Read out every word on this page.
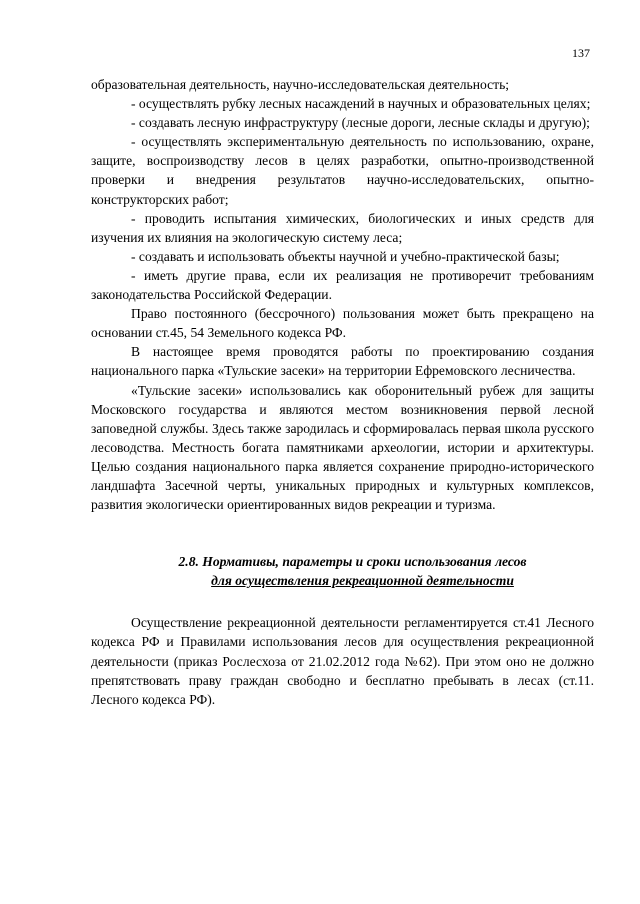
137

образовательная деятельность, научно-исследовательская деятельность;

- осуществлять рубку лесных насаждений в научных и образовательных целях;

- создавать лесную инфраструктуру (лесные дороги, лесные склады и другую);

- осуществлять экспериментальную деятельность по использованию, охране, защите, воспроизводству лесов в целях разработки, опытно-производственной проверки и внедрения результатов научно-исследовательских, опытно-конструкторских работ;

- проводить испытания химических, биологических и иных средств для изучения их влияния на экологическую систему леса;

- создавать и использовать объекты научной и учебно-практической базы;

- иметь другие права, если их реализация не противоречит требованиям законодательства Российской Федерации.

Право постоянного (бессрочного) пользования может быть прекращено на основании ст.45, 54 Земельного кодекса РФ.

В настоящее время проводятся работы по проектированию создания национального парка «Тульские засеки» на территории Ефремовского лесничества.

«Тульские засеки» использовались как оборонительный рубеж для защиты Московского государства и являются местом возникновения первой лесной заповедной службы. Здесь также зародилась и сформировалась первая школа русского лесоводства. Местность богата памятниками археологии, истории и архитектуры. Целью создания национального парка является сохранение природно-исторического ландшафта Засечной черты, уникальных природных и культурных комплексов, развития экологически ориентированных видов рекреации и туризма.

2.8. Нормативы, параметры и сроки использования лесов
для осуществления рекреационной деятельности

Осуществление рекреационной деятельности регламентируется ст.41 Лесного кодекса РФ и Правилами использования лесов для осуществления рекреационной деятельности (приказ Рослесхоза от 21.02.2012 года №62). При этом оно не должно препятствовать праву граждан свободно и бесплатно пребывать в лесах (ст.11. Лесного кодекса РФ).
